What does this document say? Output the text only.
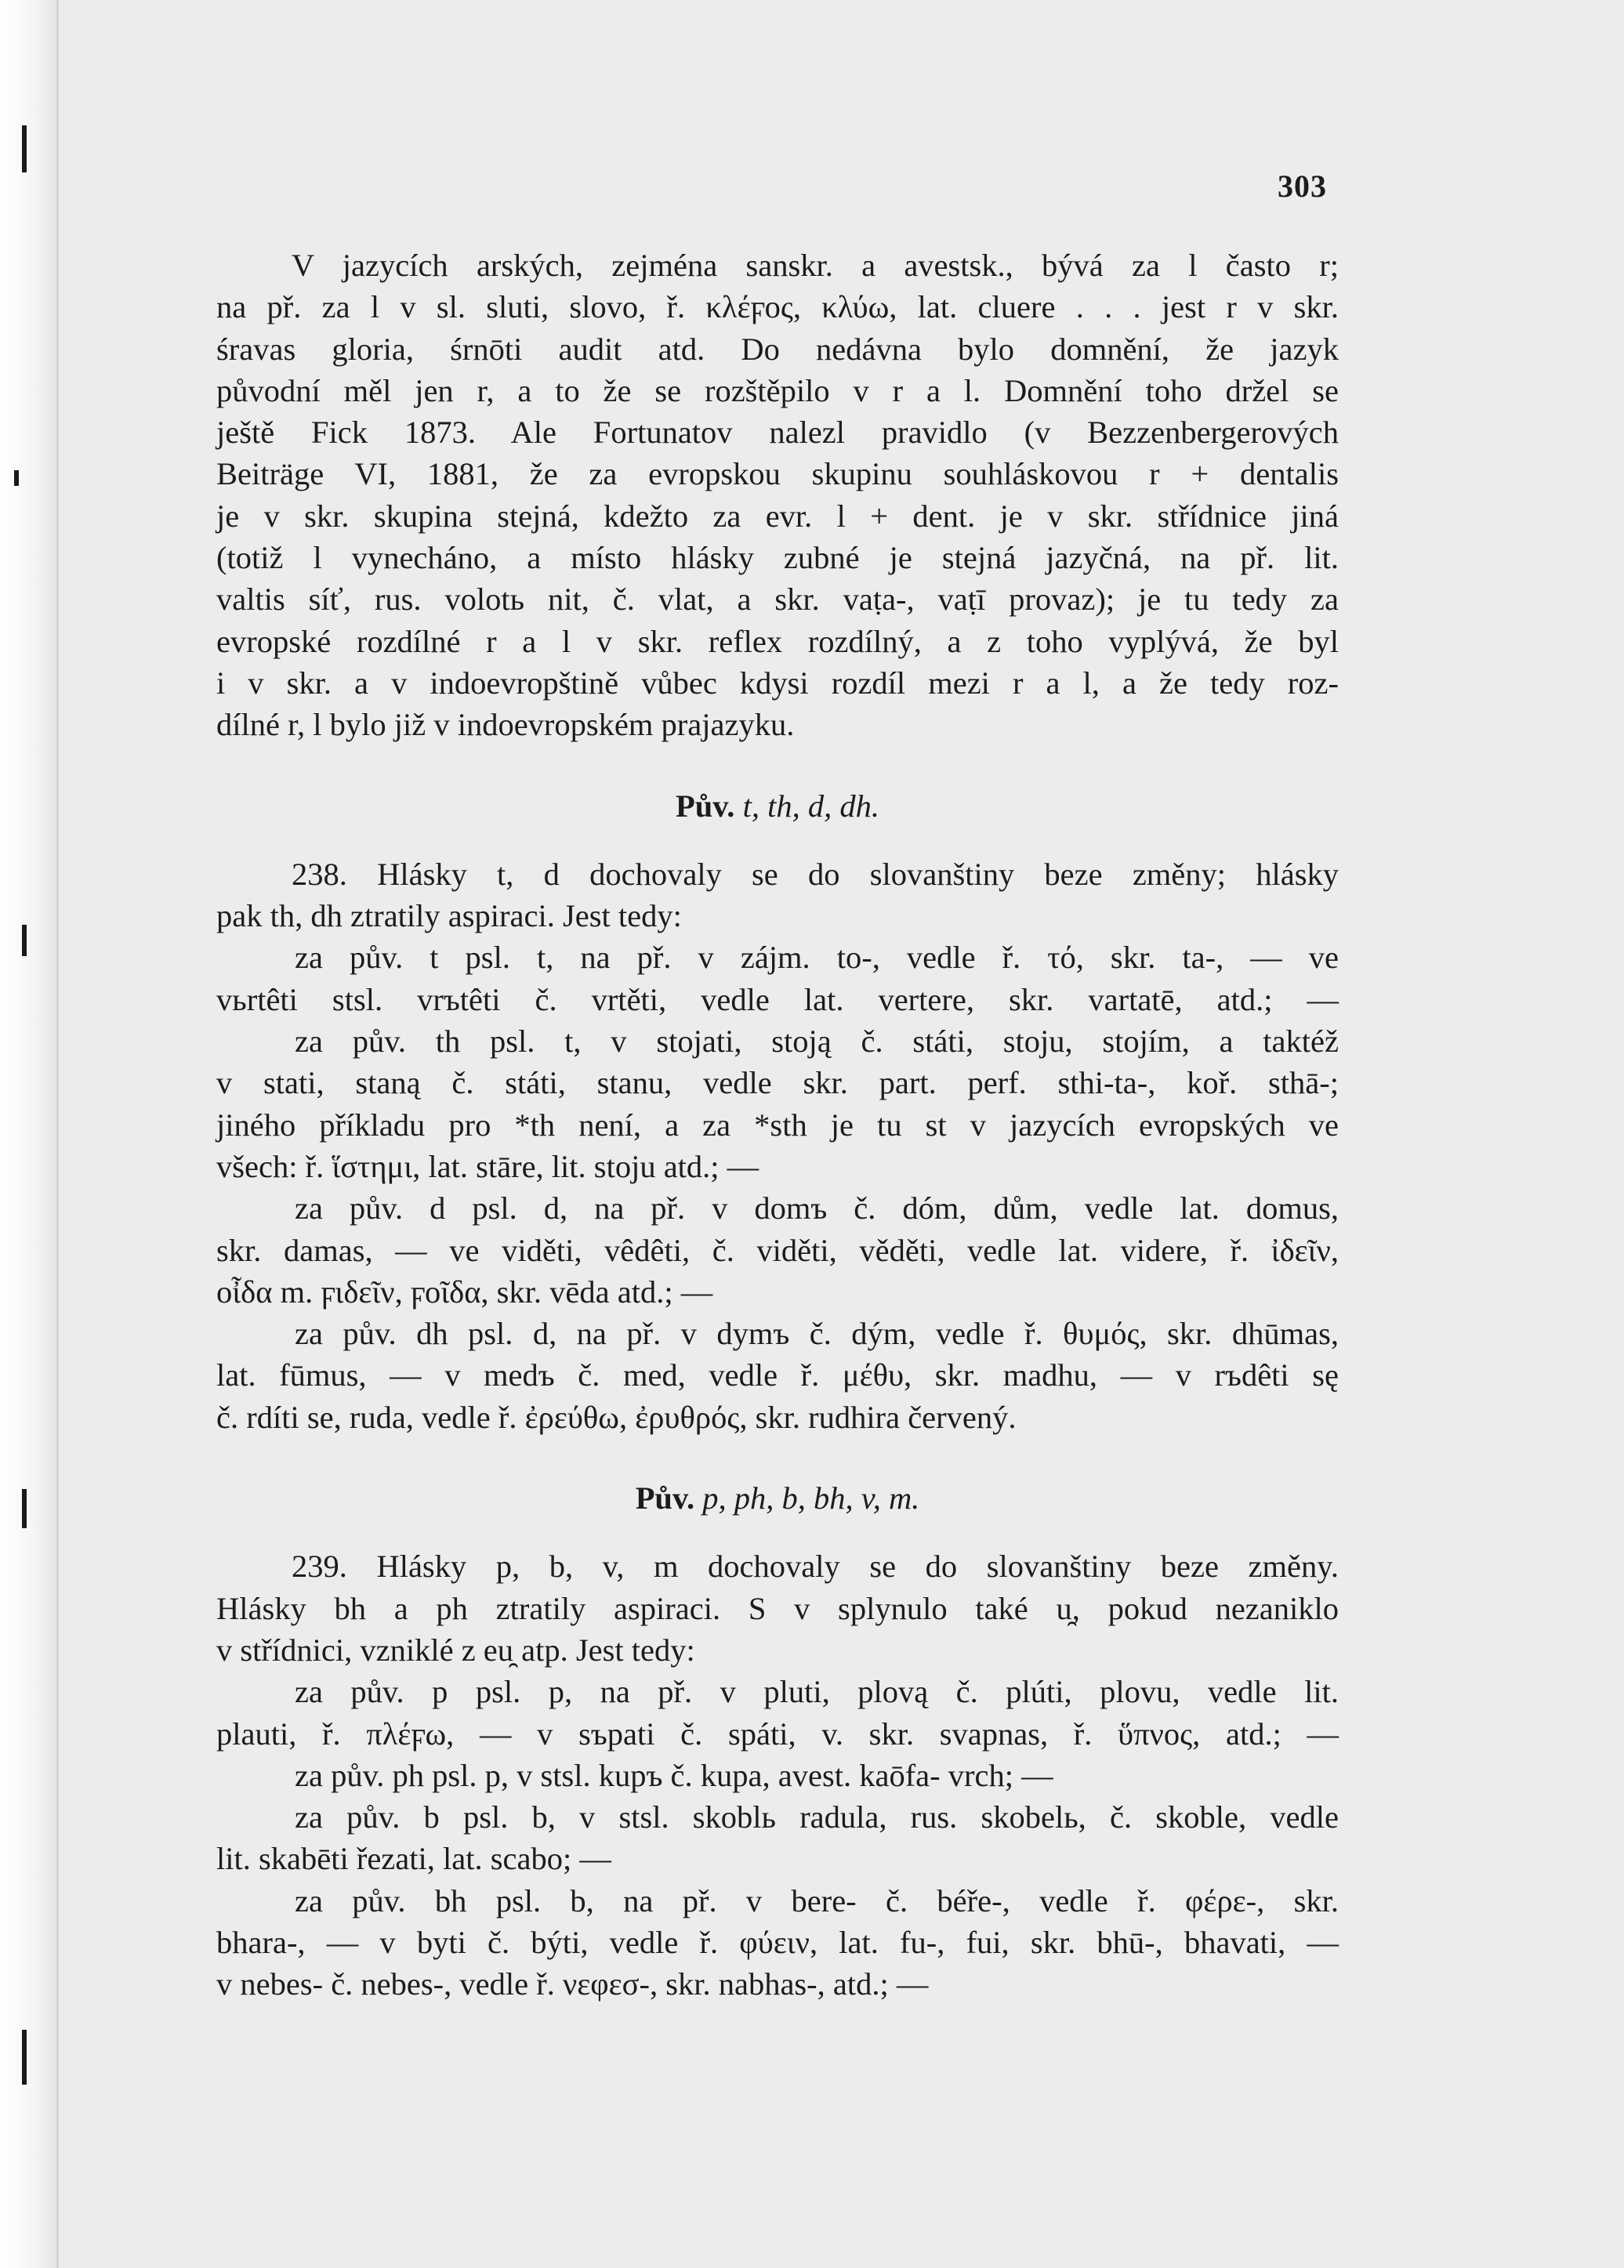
303
V jazycích arských, zejména sanskr. a avestsk., bývá za l často r;
na př. za l v sl. sluti, slovo, ř. κλέϝος, κλύω, lat. cluere . . . jest r v skr.
śravas gloria, śrnōti audit atd. Do nedávna bylo domnění, že jazyk
původní měl jen r, a to že se rozštěpilo v r a l. Domnění toho držel se
ještě Fick 1873. Ale Fortunatov nalezl pravidlo (v Bezzenbergerových
Beiträge VI, 1881, že za evropskou skupinu souhláskovou r + dentalis
je v skr. skupina stejná, kdežto za evr. l + dent. je v skr. střídnice jiná
(totiž l vynecháno, a místo hlásky zubné je stejná jazyčná, na př. lit.
valtis síť, rus. volotь nit, č. vlat, a skr. vaṭa-, vaṭī provaz); je tu tedy za
evropské rozdílné r a l v skr. reflex rozdílný, a z toho vyplývá, že byl
i v skr. a v indoevropštině vůbec kdysi rozdíl mezi r a l, a že tedy roz-
dílné r, l bylo již v indoevropském prajazyku.
Pův. t, th, d, dh.
238. Hlásky t, d dochovaly se do slovanštiny beze změny; hlásky
pak th, dh ztratily aspiraci. Jest tedy:
za pův. t psl. t, na př. v zájm. to-, vedle ř. τό, skr. ta-, — ve
vьrtêti stsl. vrъtêti č. vrtěti, vedle lat. vertere, skr. vartatē, atd.; —
za pův. th psl. t, v stojati, stoją č. státi, stoju, stojím, a taktéž
v stati, staną č. státi, stanu, vedle skr. part. perf. sthi-ta-, koř. sthā-;
jiného příkladu pro *th není, a za *sth je tu st v jazycích evropských ve
všech: ř. ἵστημι, lat. stāre, lit. stoju atd.; —
za pův. d psl. d, na př. v domъ č. dóm, dům, vedle lat. domus,
skr. damas, — ve viděti, vêdêti, č. viděti, věděti, vedle lat. videre, ř. ἰδεῖν,
οἶδα m. ϝιδεῖν, ϝοῖδα, skr. vēda atd.; —
za pův. dh psl. d, na př. v dymъ č. dým, vedle ř. θυμός, skr. dhūmas,
lat. fūmus, — v medъ č. med, vedle ř. μέθυ, skr. madhu, — v rъdêti sę
č. rdíti se, ruda, vedle ř. ἐρεύθω, ἐρυθρός, skr. rudhira červený.
Pův. p, ph, b, bh, v, m.
239. Hlásky p, b, v, m dochovaly se do slovanštiny beze změny.
Hlásky bh a ph ztratily aspiraci. S v splynulo také u̯, pokud nezaniklo
v střídnici, vzniklé z eu̯ atp. Jest tedy:
za pův. p psl. p, na př. v pluti, plovą č. plúti, plovu, vedle lit.
plauti, ř. πλέϝω, — v sъpati č. spáti, v. skr. svapnas, ř. ὕπνος, atd.; —
za pův. ph psl. p, v stsl. kupъ č. kupa, avest. kaōfa- vrch; —
za pův. b psl. b, v stsl. skoblь radula, rus. skobelь, č. skoble, vedle
lit. skabēti řezati, lat. scabo; —
za pův. bh psl. b, na př. v bere- č. béře-, vedle ř. φέρε-, skr.
bhara-, — v byti č. býti, vedle ř. φύειν, lat. fu-, fui, skr. bhū-, bhavati, —
v nebes- č. nebes-, vedle ř. νεφεσ-, skr. nabhas-, atd.; —
